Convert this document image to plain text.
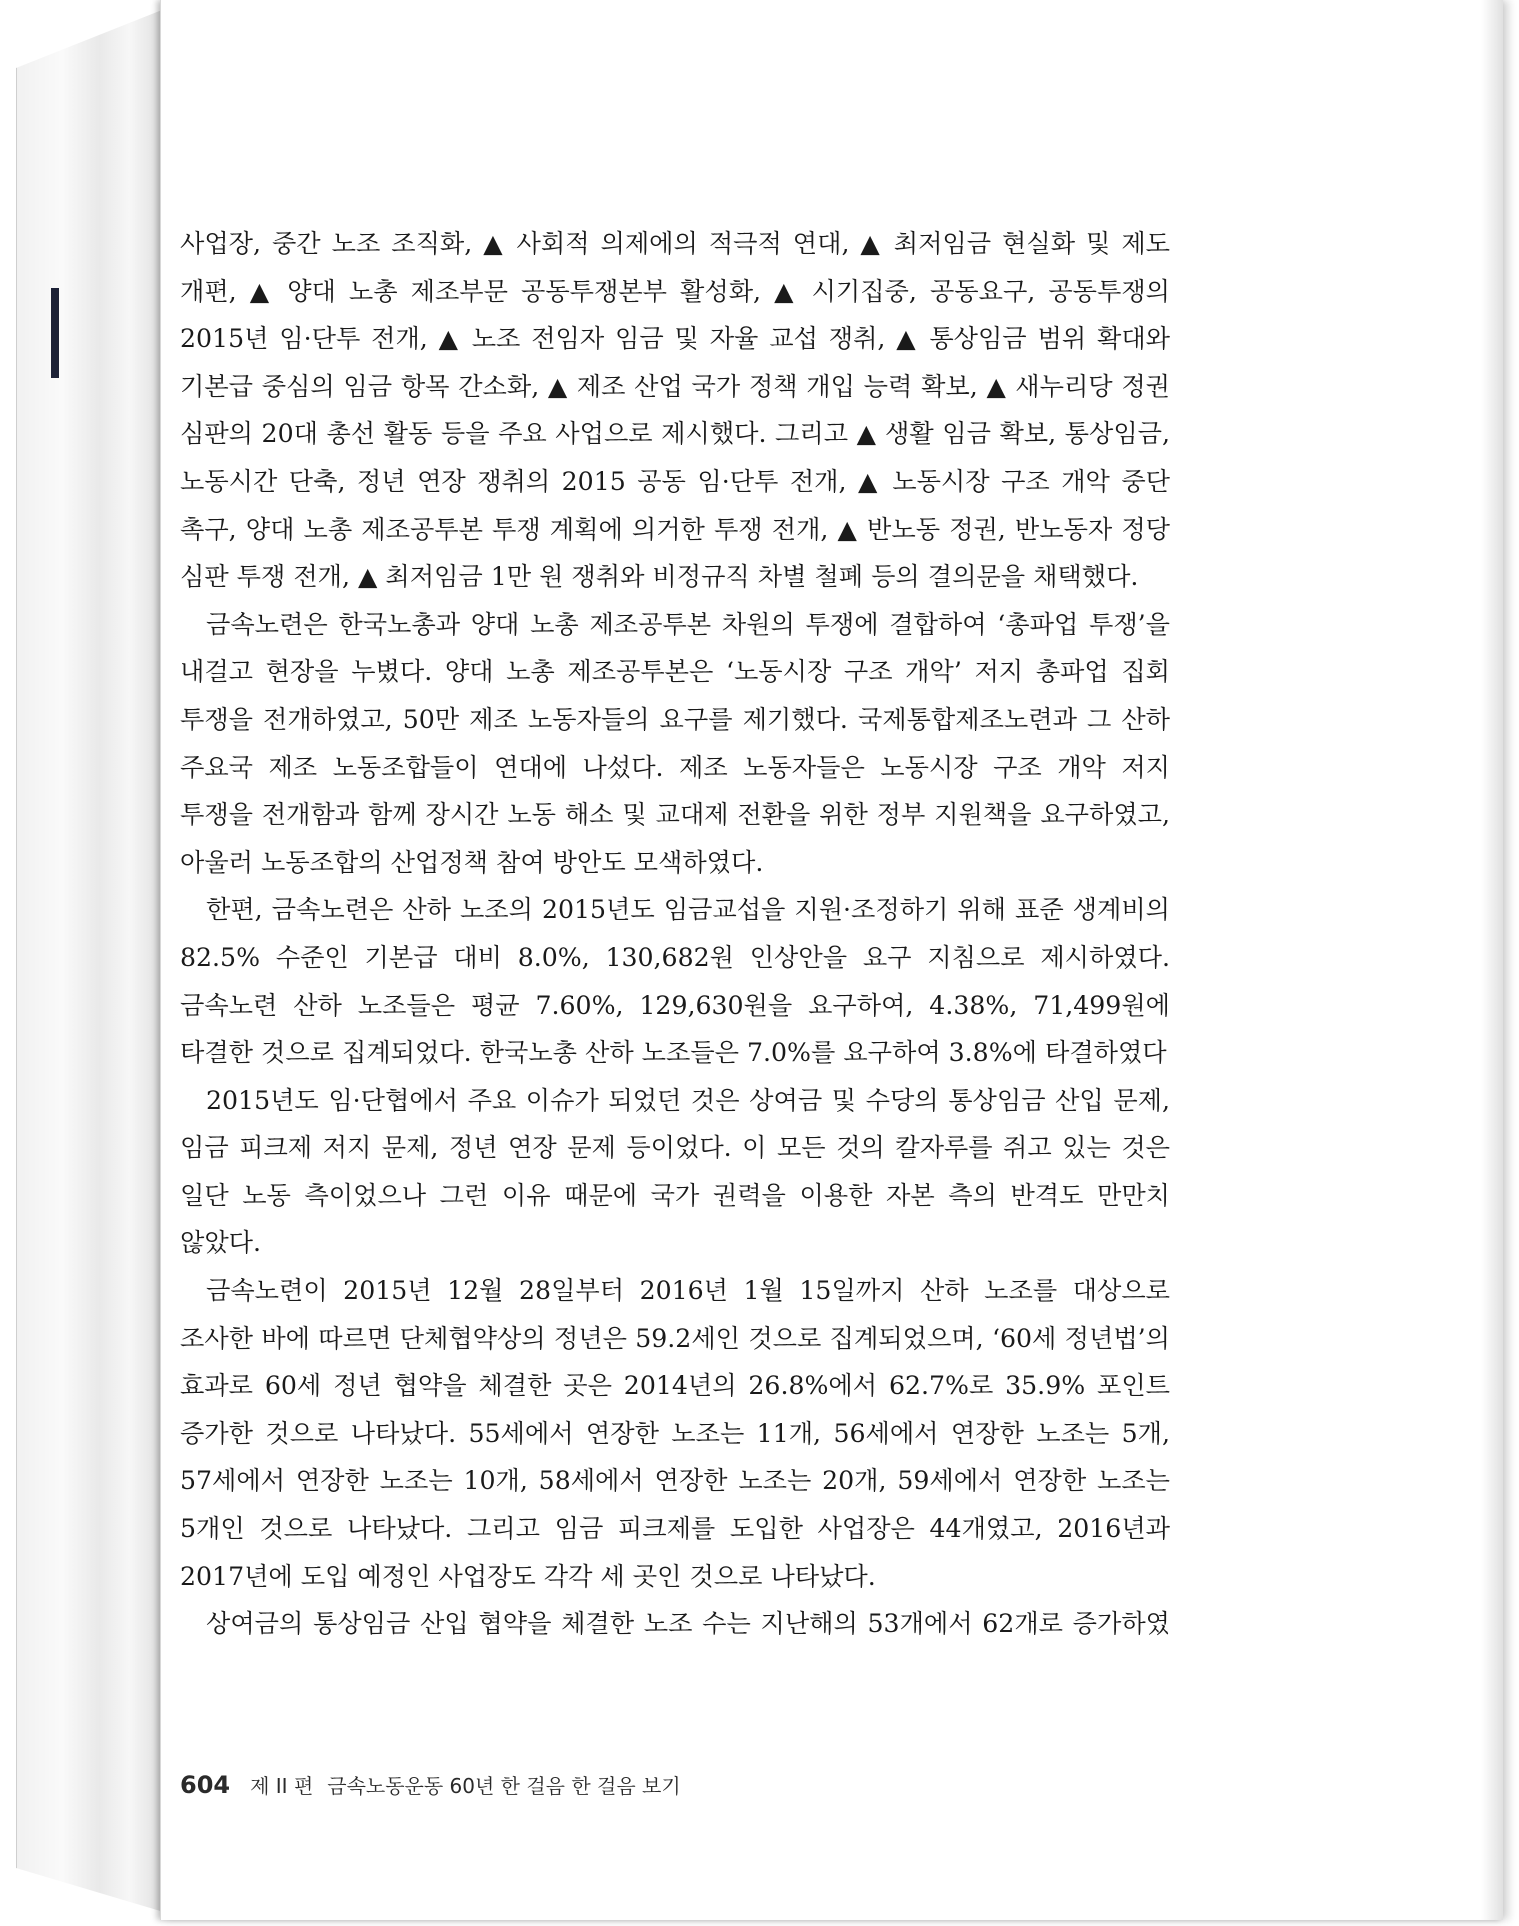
사업장, 중간 노조 조직화, ▲ 사회적 의제에의 적극적 연대, ▲ 최저임금 현실화 및 제도 개편, ▲ 양대 노총 제조부문 공동투쟁본부 활성화, ▲ 시기집중, 공동요구, 공동투쟁의 2015년 임·단투 전개, ▲ 노조 전임자 임금 및 자율 교섭 쟁취, ▲ 통상임금 범위 확대와 기본급 중심의 임금 항목 간소화, ▲ 제조 산업 국가 정책 개입 능력 확보, ▲ 새누리당 정권 심판의 20대 총선 활동 등을 주요 사업으로 제시했다. 그리고 ▲ 생활 임금 확보, 통상임금, 노동시간 단축, 정년 연장 쟁취의 2015 공동 임·단투 전개, ▲ 노동시장 구조 개악 중단 촉구, 양대 노총 제조공투본 투쟁 계획에 의거한 투쟁 전개, ▲ 반노동 정권, 반노동자 정당 심판 투쟁 전개, ▲ 최저임금 1만 원 쟁취와 비정규직 차별 철폐 등의 결의문을 채택했다.

금속노련은 한국노총과 양대 노총 제조공투본 차원의 투쟁에 결합하여 ‘총파업 투쟁’을 내걸고 현장을 누볐다. 양대 노총 제조공투본은 ‘노동시장 구조 개악’ 저지 총파업 집회 투쟁을 전개하였고, 50만 제조 노동자들의 요구를 제기했다. 국제통합제조노련과 그 산하 주요국 제조 노동조합들이 연대에 나섰다. 제조 노동자들은 노동시장 구조 개악 저지 투쟁을 전개함과 함께 장시간 노동 해소 및 교대제 전환을 위한 정부 지원책을 요구하였고, 아울러 노동조합의 산업정책 참여 방안도 모색하였다.

한편, 금속노련은 산하 노조의 2015년도 임금교섭을 지원·조정하기 위해 표준 생계비의 82.5% 수준인 기본급 대비 8.0%, 130,682원 인상안을 요구 지침으로 제시하였다. 금속노련 산하 노조들은 평균 7.60%, 129,630원을 요구하여, 4.38%, 71,499원에 타결한 것으로 집계되었다. 한국노총 산하 노조들은 7.0%를 요구하여 3.8%에 타결하였다

2015년도 임·단협에서 주요 이슈가 되었던 것은 상여금 및 수당의 통상임금 산입 문제, 임금 피크제 저지 문제, 정년 연장 문제 등이었다. 이 모든 것의 칼자루를 쥐고 있는 것은 일단 노동 측이었으나 그런 이유 때문에 국가 권력을 이용한 자본 측의 반격도 만만치 않았다.

금속노련이 2015년 12월 28일부터 2016년 1월 15일까지 산하 노조를 대상으로 조사한 바에 따르면 단체협약상의 정년은 59.2세인 것으로 집계되었으며, ‘60세 정년법’의 효과로 60세 정년 협약을 체결한 곳은 2014년의 26.8%에서 62.7%로 35.9% 포인트 증가한 것으로 나타났다. 55세에서 연장한 노조는 11개, 56세에서 연장한 노조는 5개, 57세에서 연장한 노조는 10개, 58세에서 연장한 노조는 20개, 59세에서 연장한 노조는 5개인 것으로 나타났다. 그리고 임금 피크제를 도입한 사업장은 44개였고, 2016년과 2017년에 도입 예정인 사업장도 각각 세 곳인 것으로 나타났다.

상여금의 통상임금 산입 협약을 체결한 노조 수는 지난해의 53개에서 62개로 증가하였

604 제 II 편 금속노동운동 60년 한 걸음 한 걸음 보기
